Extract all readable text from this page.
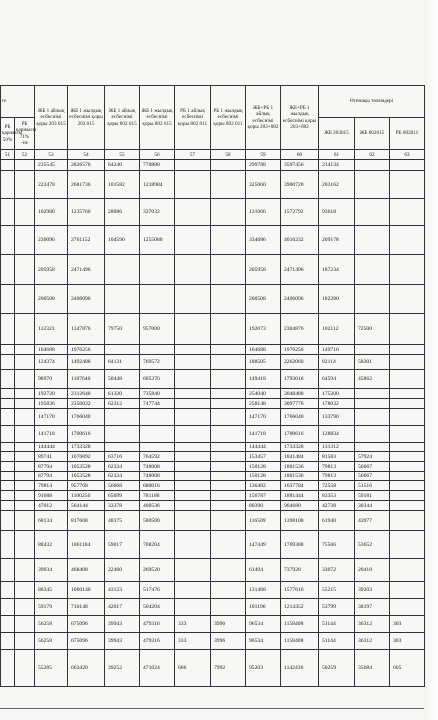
ге		ЖБ 1 айлық есбеснімі қоры 203 015	ЖБ 1 жылдық есбеснімі қоры 203 015	ЖБ 1 айлық есбеснімі қоры 802 015	ЖБ 1 жылдық есбеснімі қоры 802 015	РБ 1 айлық есбеснімі қоры 802 011	РБ 1 жылдық есбеснімі қоры 802 011	ЖБ+РБ 1 айлық есбеснімі қоры 203+082	ЖБ+РБ 1 жылдық есбеснімі қоры 203+082	Өтемақы төлемдері		
РБ қаржысы 50%	РБ қаржысы 71% -пе									ЖБ 203015	ЖБ 802015	РБ 802011
51	52	53	54	55	56	57	58	59	60	61	62	63
		235545	2826576	64240	770880			299788	3597456	214134		
		223478	2681736	101582	1218984			325060	3900720	203162		
		102980	1235760	28086	337032			131066	1572792	93618		
		230096	2761152	104590	1255080			334686	4016232	209178		
		205958	2471496					205958	2471496	187234		
		200508	2406096					200508	2406096	182280		
		112323	1347876	79750	957000			192073	2304876	102112	72500	
		164688	1976256					164688	1976256	149716		
		124374	1492488	64131	769572			188505	2262060	82114	58301	
		98970	1187640	50448	605376			149418	1793016	64594	45862	
		192720	2312640	61320	735840			254040	3048480	175200		
		195836	2350032	62312	747744			258148	3097776	178032		
		147170	1766040					147170	1766040	133790		
		141718	1700616					141718	1700616	128834		
		144444	1733328					144444	1733328	131312		
		89741	1076892	63716	764592			153457	1841484	81583	57924	
		87794	1053528	62334	748008			150128	1801536	79813	56667	
		87794	1053528	62334	748008			150128	1801536	79813	56667	
		79814	957768	56668	680016			136482	1637784	72558	51516	
		91688	1100256	65099	781188			156787	1881444	83353	59181	
		47012	564144	33378	400536			80390	964680	42738	30344	
		68134	817608	48375	580500			116509	1398108	61940	43977	
		88432	1061184	59017	708204			147449	1769388	75566	53652	
		39034	468408	22460	269520			61494	737928	33072	20418	
		88345	1060140	43123	517476			131468	1577616	55215	39203	
		59179	710148	42017	504204			101196	1214352	53799	38197	
		56258	675096	39943	479316	333	3996	96534	1158408	51144	36312	303
		56258	675096	39943	479316	333	3996	96534	1158408	51144	36312	303
		55285	663420	39252	471024	666	7992	95203	1142436	50259	35684	605
